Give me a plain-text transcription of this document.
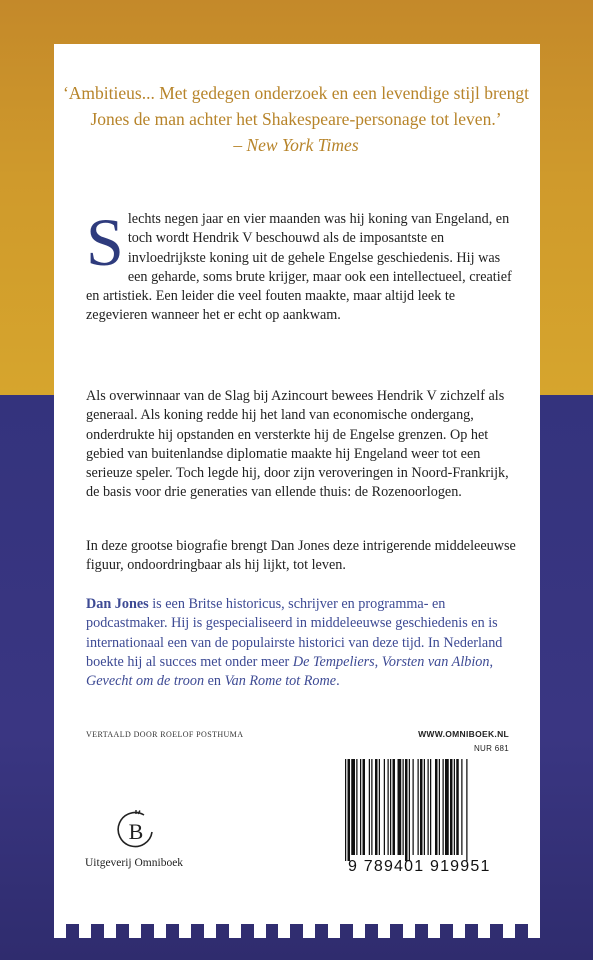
‘Ambitieus... Met gedegen onderzoek en een levendige stijl brengt Jones de man achter het Shakespeare-personage tot leven.’
– New York Times
Slechts negen jaar en vier maanden was hij koning van Engeland, en toch wordt Hendrik V beschouwd als de imposantste en invloedrijkste koning uit de gehele Engelse geschiedenis. Hij was een geharde, soms brute krijger, maar ook een intellectueel, creatief en artistiek. Een leider die veel fouten maakte, maar altijd leek te zegevieren wanneer het er echt op aankwam.
Als overwinnaar van de Slag bij Azincourt bewees Hendrik V zichzelf als generaal. Als koning redde hij het land van economische ondergang, onderdrukte hij opstanden en versterkte hij de Engelse grenzen. Op het gebied van buitenlandse diplomatie maakte hij Engeland weer tot een serieuze speler. Toch legde hij, door zijn veroveringen in Noord-Frankrijk, de basis voor drie generaties van ellende thuis: de Rozenoorlogen.
In deze grootse biografie brengt Dan Jones deze intrigerende middeleeuwse figuur, ondoordringbaar als hij lijkt, tot leven.
Dan Jones is een Britse historicus, schrijver en programma- en podcastmaker. Hij is gespecialiseerd in middeleeuwse geschiedenis en is internationaal een van de populairste historici van deze tijd. In Nederland boekte hij al succes met onder meer De Tempeliers, Vorsten van Albion, Gevecht om de troon en Van Rome tot Rome.
VERTAALD DOOR ROELOF POSTHUMA	WWW.OMNIBOEK.NL
NUR 681
9 789401 919951
B
Uitgeverij Omniboek
